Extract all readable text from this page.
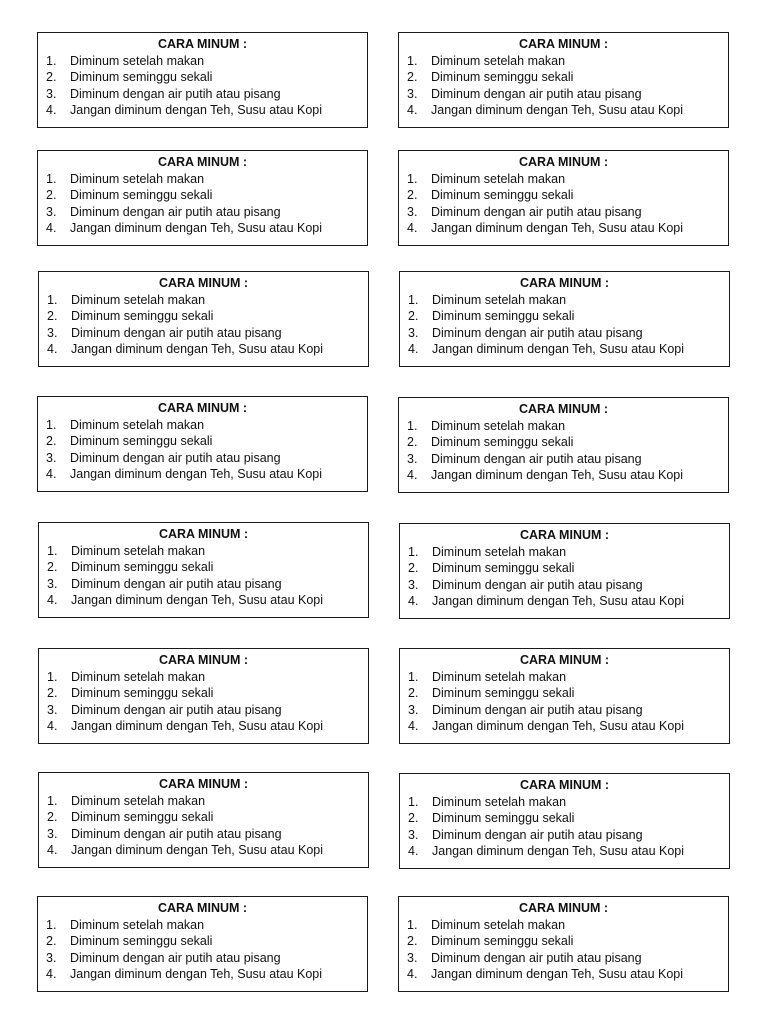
CARA MINUM :
1.	Diminum setelah makan
2.	Diminum seminggu sekali
3.	Diminum dengan air putih atau pisang
4.	Jangan diminum dengan Teh, Susu atau Kopi
CARA MINUM :
1.	Diminum setelah makan
2.	Diminum seminggu sekali
3.	Diminum dengan air putih atau pisang
4.	Jangan diminum dengan Teh, Susu atau Kopi
CARA MINUM :
1.	Diminum setelah makan
2.	Diminum seminggu sekali
3.	Diminum dengan air putih atau pisang
4.	Jangan diminum dengan Teh, Susu atau Kopi
CARA MINUM :
1.	Diminum setelah makan
2.	Diminum seminggu sekali
3.	Diminum dengan air putih atau pisang
4.	Jangan diminum dengan Teh, Susu atau Kopi
CARA MINUM :
1.	Diminum setelah makan
2.	Diminum seminggu sekali
3.	Diminum dengan air putih atau pisang
4.	Jangan diminum dengan Teh, Susu atau Kopi
CARA MINUM :
1.	Diminum setelah makan
2.	Diminum seminggu sekali
3.	Diminum dengan air putih atau pisang
4.	Jangan diminum dengan Teh, Susu atau Kopi
CARA MINUM :
1.	Diminum setelah makan
2.	Diminum seminggu sekali
3.	Diminum dengan air putih atau pisang
4.	Jangan diminum dengan Teh, Susu atau Kopi
CARA MINUM :
1.	Diminum setelah makan
2.	Diminum seminggu sekali
3.	Diminum dengan air putih atau pisang
4.	Jangan diminum dengan Teh, Susu atau Kopi
CARA MINUM :
1.	Diminum setelah makan
2.	Diminum seminggu sekali
3.	Diminum dengan air putih atau pisang
4.	Jangan diminum dengan Teh, Susu atau Kopi
CARA MINUM :
1.	Diminum setelah makan
2.	Diminum seminggu sekali
3.	Diminum dengan air putih atau pisang
4.	Jangan diminum dengan Teh, Susu atau Kopi
CARA MINUM :
1.	Diminum setelah makan
2.	Diminum seminggu sekali
3.	Diminum dengan air putih atau pisang
4.	Jangan diminum dengan Teh, Susu atau Kopi
CARA MINUM :
1.	Diminum setelah makan
2.	Diminum seminggu sekali
3.	Diminum dengan air putih atau pisang
4.	Jangan diminum dengan Teh, Susu atau Kopi
CARA MINUM :
1.	Diminum setelah makan
2.	Diminum seminggu sekali
3.	Diminum dengan air putih atau pisang
4.	Jangan diminum dengan Teh, Susu atau Kopi
CARA MINUM :
1.	Diminum setelah makan
2.	Diminum seminggu sekali
3.	Diminum dengan air putih atau pisang
4.	Jangan diminum dengan Teh, Susu atau Kopi
CARA MINUM :
1.	Diminum setelah makan
2.	Diminum seminggu sekali
3.	Diminum dengan air putih atau pisang
4.	Jangan diminum dengan Teh, Susu atau Kopi
CARA MINUM :
1.	Diminum setelah makan
2.	Diminum seminggu sekali
3.	Diminum dengan air putih atau pisang
4.	Jangan diminum dengan Teh, Susu atau Kopi
